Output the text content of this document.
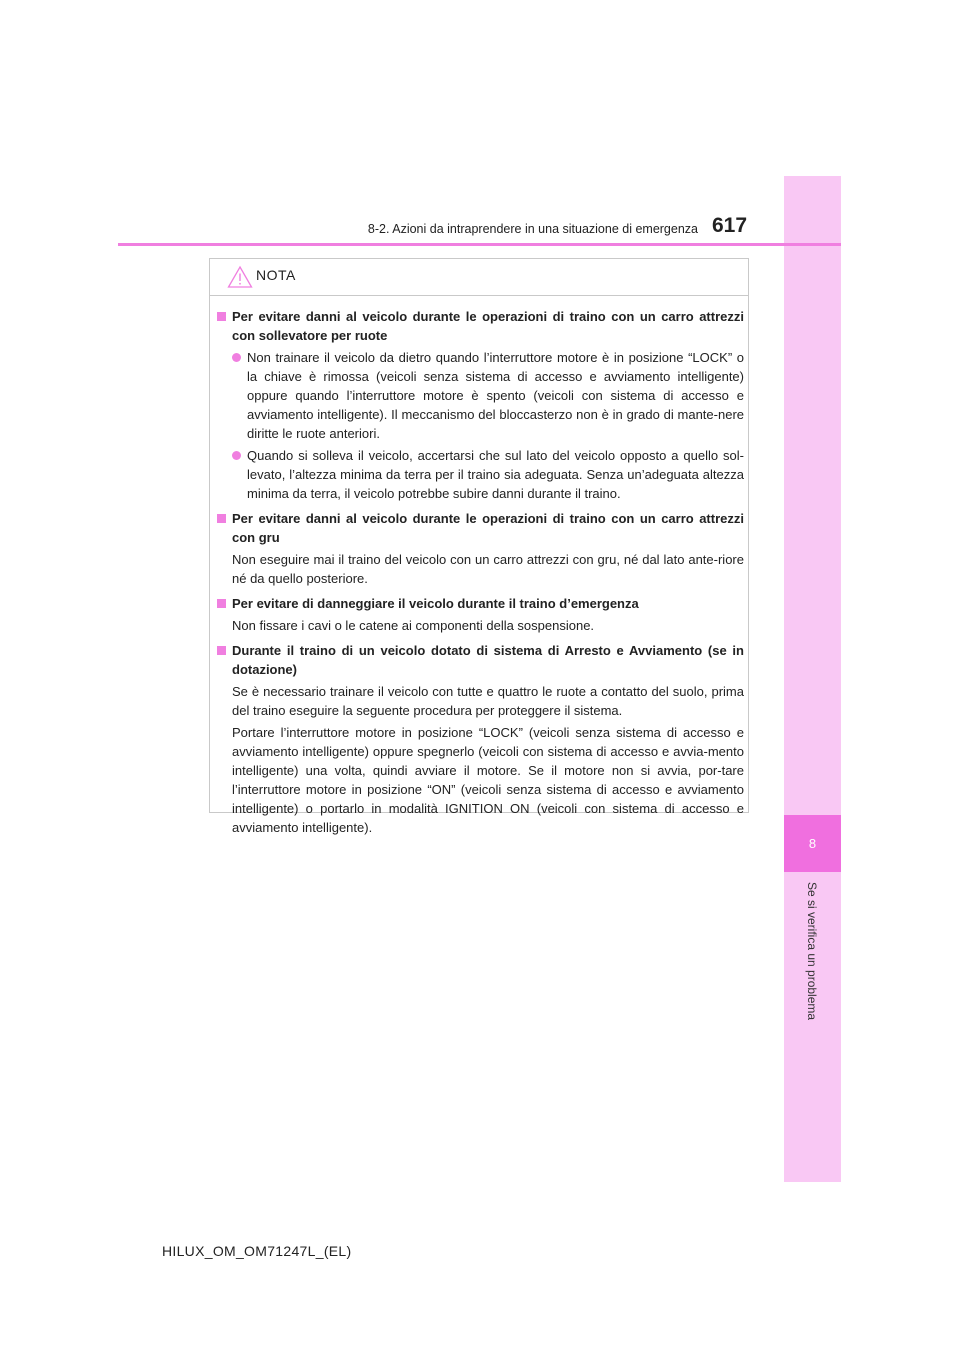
8
Se si verifica un problema
8-2. Azioni da intraprendere in una situazione di emergenza 617
NOTA
Per evitare danni al veicolo durante le operazioni di traino con un carro attrezzi con sollevatore per ruote
Non trainare il veicolo da dietro quando l’interruttore motore è in posizione “LOCK” o la chiave è rimossa (veicoli senza sistema di accesso e avviamento intelligente) oppure quando l’interruttore motore è spento (veicoli con sistema di accesso e avviamento intelligente). Il meccanismo del bloccasterzo non è in grado di mante-nere diritte le ruote anteriori.
Quando si solleva il veicolo, accertarsi che sul lato del veicolo opposto a quello sol-levato, l’altezza minima da terra per il traino sia adeguata. Senza un’adeguata altezza minima da terra, il veicolo potrebbe subire danni durante il traino.
Per evitare danni al veicolo durante le operazioni di traino con un carro attrezzi con gru
Non eseguire mai il traino del veicolo con un carro attrezzi con gru, né dal lato ante-riore né da quello posteriore.
Per evitare di danneggiare il veicolo durante il traino d’emergenza
Non fissare i cavi o le catene ai componenti della sospensione.
Durante il traino di un veicolo dotato di sistema di Arresto e Avviamento (se in dotazione)
Se è necessario trainare il veicolo con tutte e quattro le ruote a contatto del suolo, prima del traino eseguire la seguente procedura per proteggere il sistema.
Portare l’interruttore motore in posizione “LOCK” (veicoli senza sistema di accesso e avviamento intelligente) oppure spegnerlo (veicoli con sistema di accesso e avvia-mento intelligente) una volta, quindi avviare il motore. Se il motore non si avvia, por-tare l’interruttore motore in posizione “ON” (veicoli senza sistema di accesso e avviamento intelligente) o portarlo in modalità IGNITION ON (veicoli con sistema di accesso e avviamento intelligente).
HILUX_OM_OM71247L_(EL)
